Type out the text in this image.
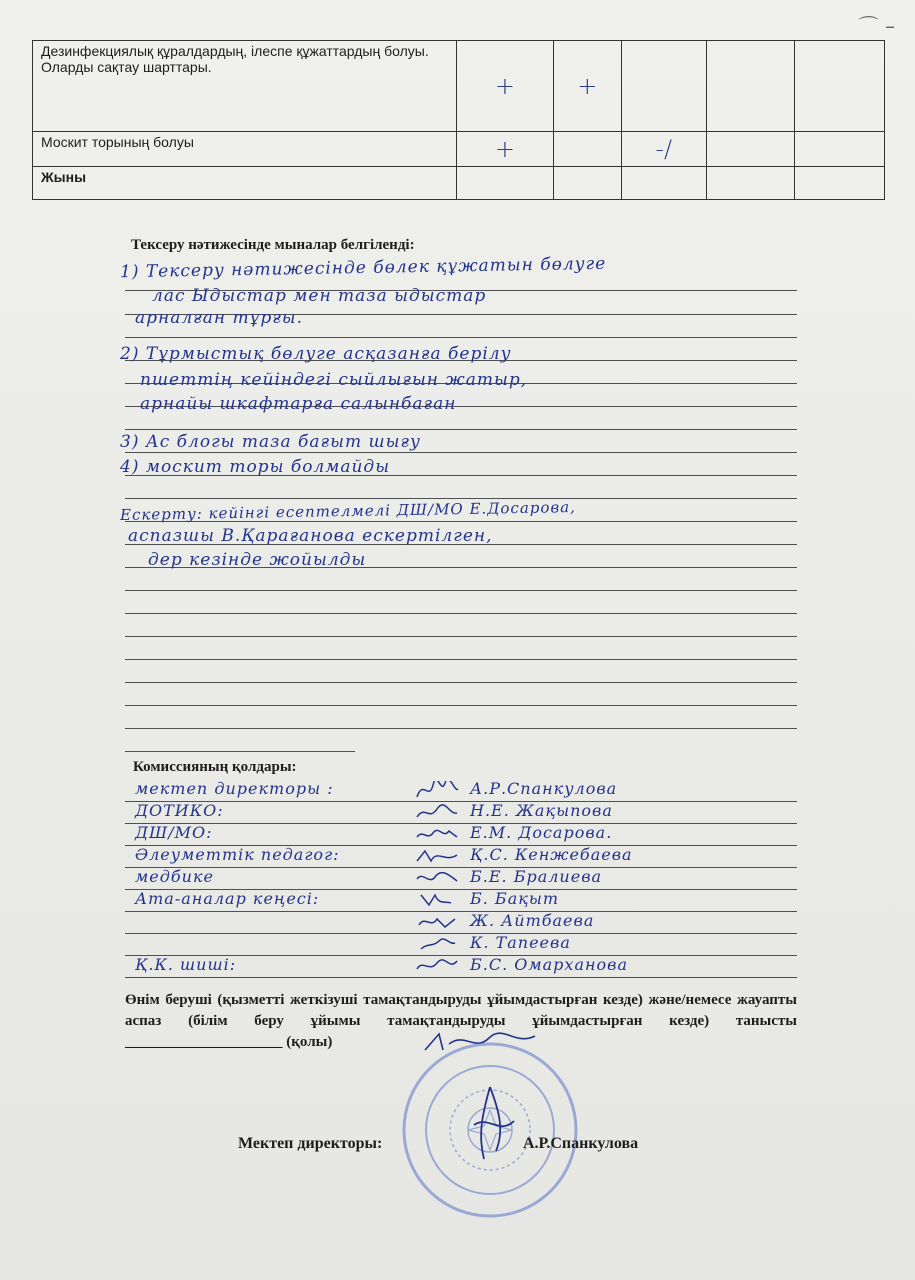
⌒ –
Дезинфекциялық құралдардың, ілеспе құжаттардың болуы. Оларды сақтау шарттары.	+	+			
Москит торының болуы	+		-/		
Жыны					
Тексеру нәтижесінде мыналар белгіленді:
1) Тексеру нәтижесінде бөлек құжатын бөлуге
лас Ыдыстар мен таза ыдыстар
арналған тұрғы.
2) Тұрмыстық бөлуге асқазанға берілу
пшеттің кейіндегі сыйлығын жатыр,
арнайы шкафтарға салынбаған
3) Ас блогы таза бағыт шығу
4) москит торы болмайды
Ескерту: кейінгі есептелмелі ДШ/МО Е.Досарова,
аспазшы В.Қарағанова ескертілген,
дер кезінде жойылды
Комиссияның қолдары:
мектеп директоры :	А.Р.Спанкулова
ДОТИКО:	Н.Е. Жақыпова
ДШ/МО:	Е.М. Досарова.
Әлеуметтік педагог:	Қ.С. Кенжебаева
медбике	Б.Е. Бралиева
Ата-аналар кеңесі:	Б. Бақыт
Ж. Айтбаева
К. Тапеева
Қ.К. шиші:	Б.С. Омарханова
Өнім беруші (қызметті жеткізуші тамақтандыруды ұйымдастырған кезде) және/немесе жауапты аспаз (білім беру ұйымы тамақтандыруды ұйымдастырған кезде) танысты _____________________ (қолы)
Мектеп директоры:	А.Р.Спанкулова
